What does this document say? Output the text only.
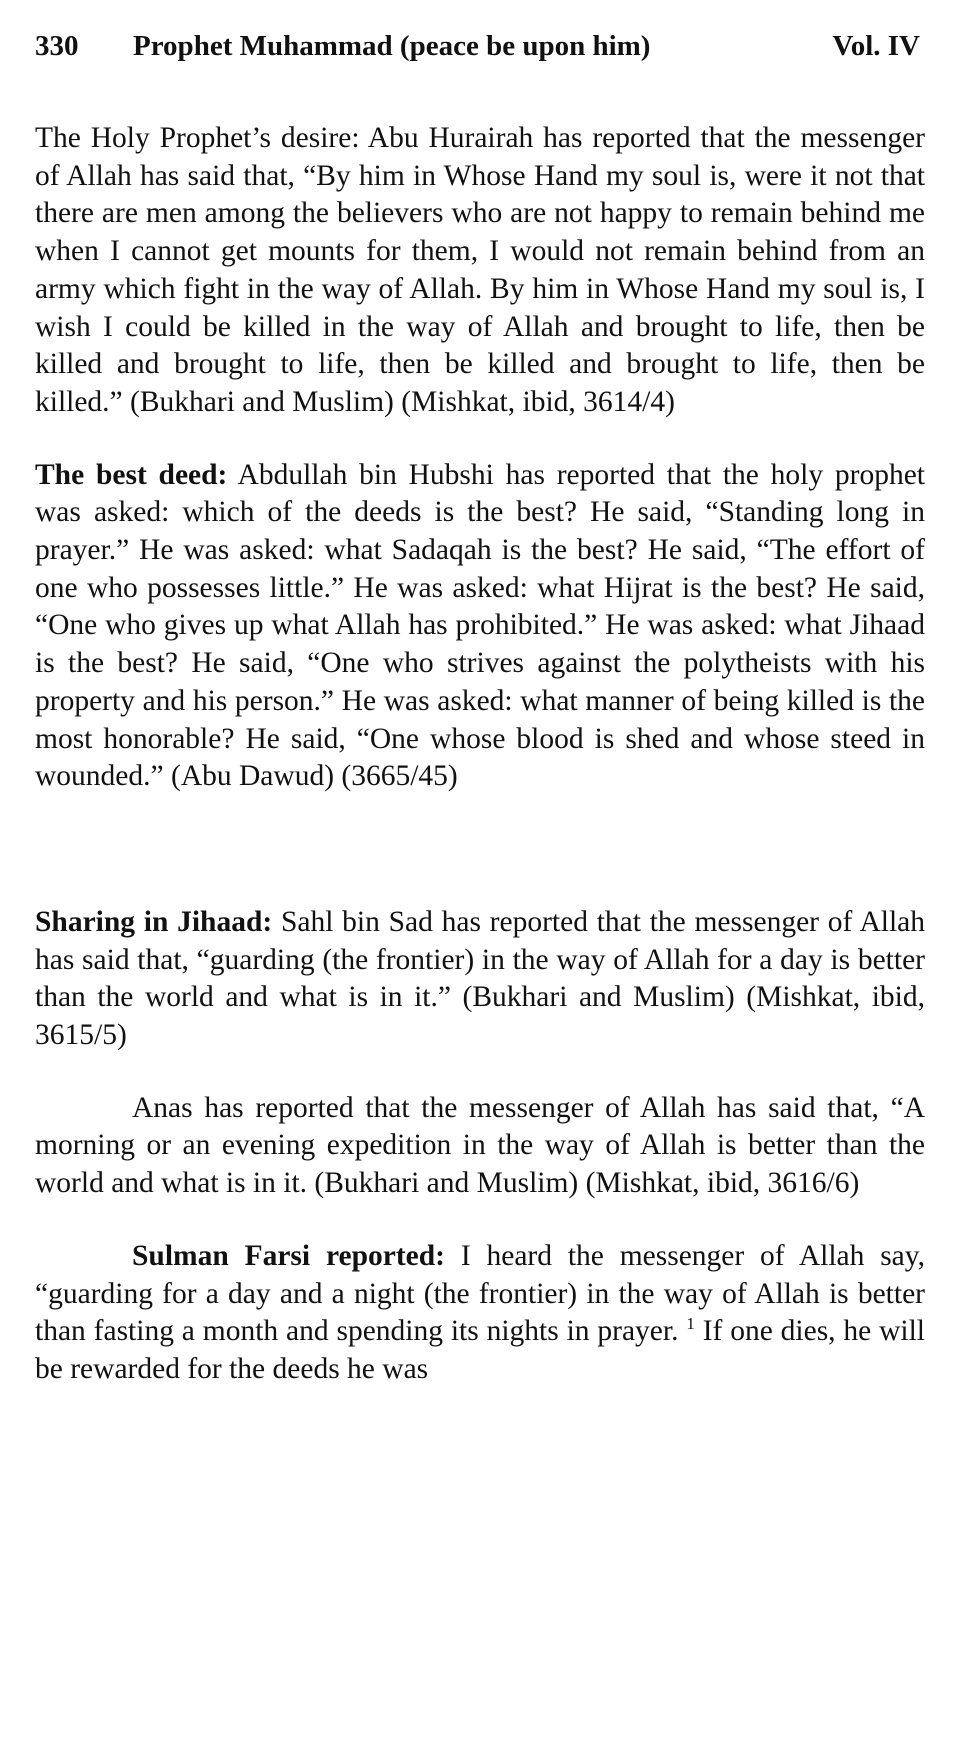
330 Prophet Muhammad (peace be upon him)	Vol. IV

The Holy Prophet’s desire: Abu Hurairah has reported that the messenger of Allah has said that, “By him in Whose Hand my soul is, were it not that there are men among the believers who are not happy to remain behind me when I cannot get mounts for them, I would not remain behind from an army which fight in the way of Allah. By him in Whose Hand my soul is, I wish I could be killed in the way of Allah and brought to life, then be killed and brought to life, then be killed and brought to life, then be killed.” (Bukhari and Muslim) (Mishkat, ibid, 3614/4)

The best deed: Abdullah bin Hubshi has reported that the holy prophet was asked: which of the deeds is the best? He said, “Standing long in prayer.” He was asked: what Sadaqah is the best? He said, “The effort of one who possesses little.” He was asked: what Hijrat is the best? He said, “One who gives up what Allah has prohibited.” He was asked: what Jihaad is the best? He said, “One who strives against the polytheists with his property and his person.” He was asked: what manner of being killed is the most honorable? He said, “One whose blood is shed and whose steed in wounded.” (Abu Dawud) (3665/45)

Sharing in Jihaad: Sahl bin Sad has reported that the messenger of Allah has said that, “guarding (the frontier) in the way of Allah for a day is better than the world and what is in it.” (Bukhari and Muslim) (Mishkat, ibid, 3615/5)

Anas has reported that the messenger of Allah has said that, “A morning or an evening expedition in the way of Allah is better than the world and what is in it. (Bukhari and Muslim) (Mishkat, ibid, 3616/6)

Sulman Farsi reported: I heard the messenger of Allah say, “guarding for a day and a night (the frontier) in the way of Allah is better than fasting a month and spending its nights in prayer. $^1$ If one dies, he will be rewarded for the deeds he was
